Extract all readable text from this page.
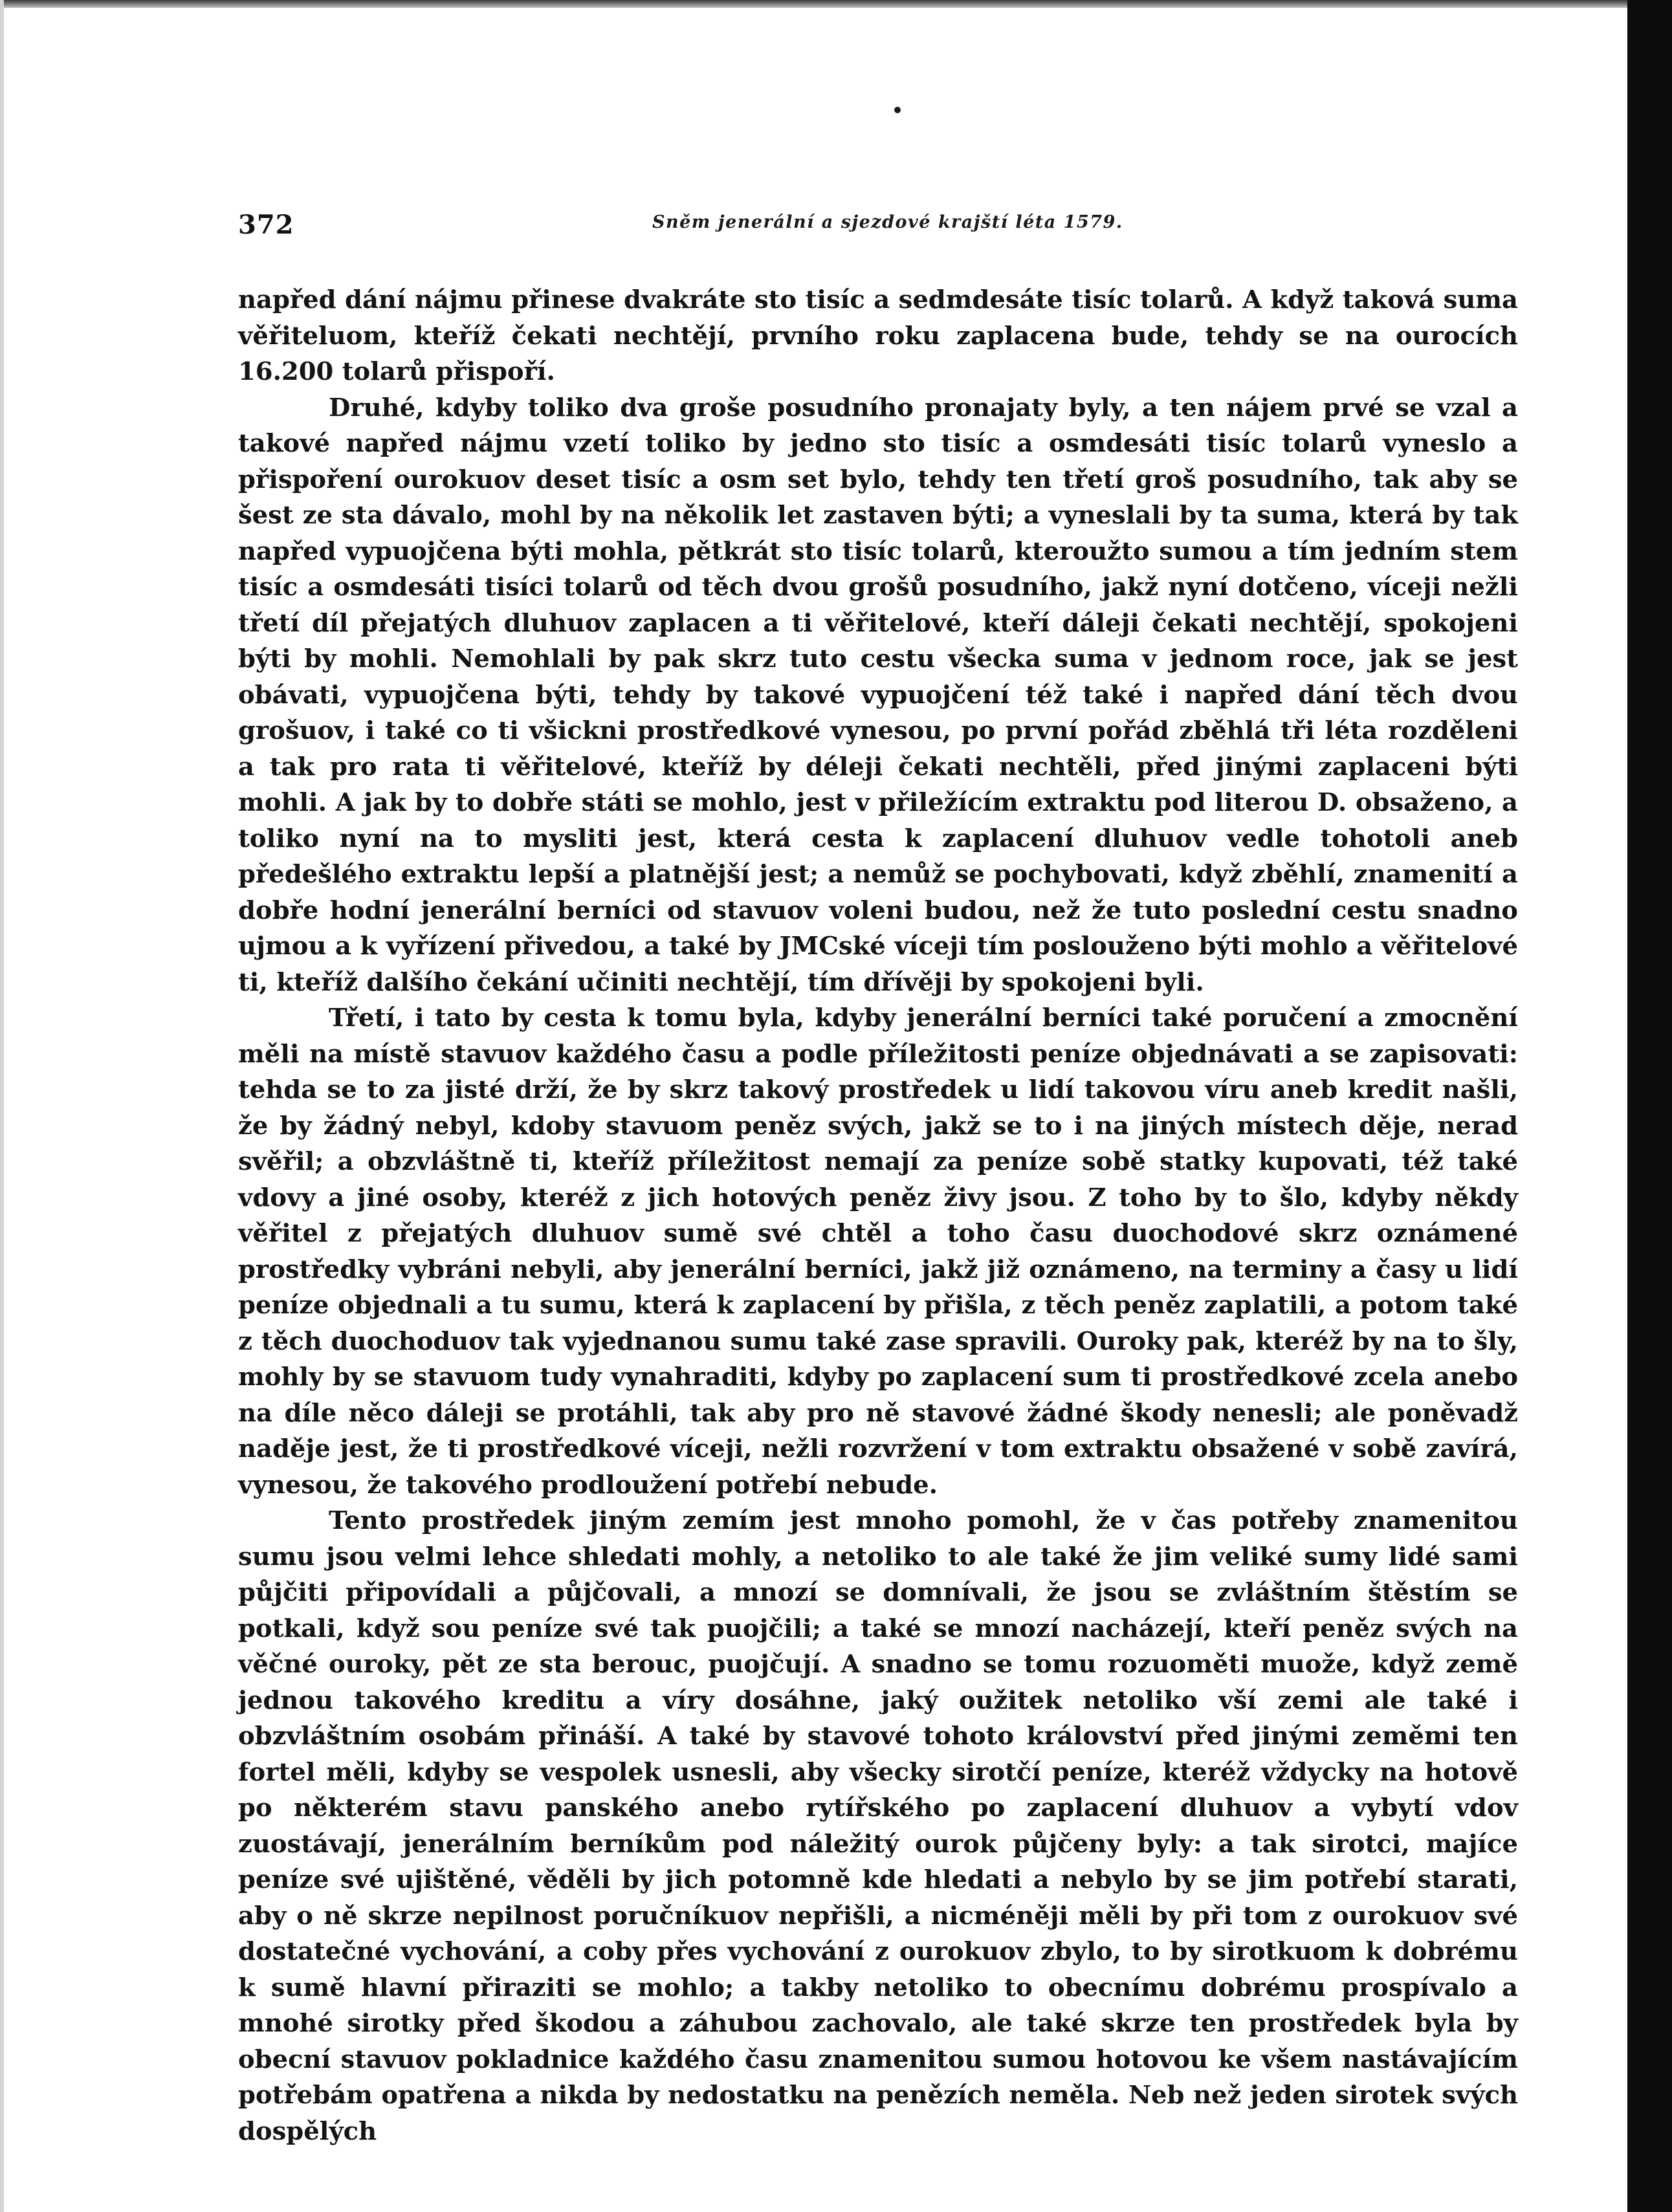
372	Sněm jenerální a sjezdové krajští léta 1579.

napřed dání nájmu přinese dvakráte sto tisíc a sedmdesáte tisíc tolarů. A když taková suma věřiteluom, kteříž čekati nechtějí, prvního roku zaplacena bude, tehdy se na ourocích 16.200 tolarů přispoří.

Druhé, kdyby toliko dva groše posudního pronajaty byly, a ten nájem prvé se vzal a takové napřed nájmu vzetí toliko by jedno sto tisíc a osmdesáti tisíc tolarů vyneslo a přispoření ourokuov deset tisíc a osm set bylo, tehdy ten třetí groš posudního, tak aby se šest ze sta dávalo, mohl by na několik let zastaven býti; a vyneslali by ta suma, která by tak napřed vypuojčena býti mohla, pětkrát sto tisíc tolarů, kteroužto sumou a tím jedním stem tisíc a osmdesáti tisíci tolarů od těch dvou grošů posudního, jakž nyní dotčeno, víceji nežli třetí díl přejatých dluhuov zaplacen a ti věřitelové, kteří dáleji čekati nechtějí, spokojeni býti by mohli. Nemohlali by pak skrz tuto cestu všecka suma v jednom roce, jak se jest obávati, vypuojčena býti, tehdy by takové vypuojčení též také i napřed dání těch dvou grošuov, i také co ti všickni prostředkové vynesou, po první pořád zběhlá tři léta rozděleni a tak pro rata ti věřitelové, kteříž by déleji čekati nechtěli, před jinými zaplaceni býti mohli. A jak by to dobře státi se mohlo, jest v přiležícím extraktu pod literou D. obsaženo, a toliko nyní na to mysliti jest, která cesta k zaplacení dluhuov vedle tohotoli aneb předešlého extraktu lepší a platnější jest; a nemůž se pochybovati, když zběhlí, znamenití a dobře hodní jenerální berníci od stavuov voleni budou, než že tuto poslední cestu snadno ujmou a k vyřízení přivedou, a také by JMCské víceji tím poslouženo býti mohlo a věřitelové ti, kteříž dalšího čekání učiniti nechtějí, tím dřívěji by spokojeni byli.

Třetí, i tato by cesta k tomu byla, kdyby jenerální berníci také poručení a zmocnění měli na místě stavuov každého času a podle příležitosti peníze objednávati a se zapisovati: tehda se to za jisté drží, že by skrz takový prostředek u lidí takovou víru aneb kredit našli, že by žádný nebyl, kdoby stavuom peněz svých, jakž se to i na jiných místech děje, nerad svěřil; a obzvláštně ti, kteříž příležitost nemají za peníze sobě statky kupovati, též také vdovy a jiné osoby, kteréž z jich hotových peněz živy jsou. Z toho by to šlo, kdyby někdy věřitel z přejatých dluhuov sumě své chtěl a toho času duochodové skrz oznámené prostředky vybráni nebyli, aby jenerální berníci, jakž již oznámeno, na terminy a časy u lidí peníze objednali a tu sumu, která k zaplacení by přišla, z těch peněz zaplatili, a potom také z těch duochoduov tak vyjednanou sumu také zase spravili. Ouroky pak, kteréž by na to šly, mohly by se stavuom tudy vynahraditi, kdyby po zaplacení sum ti prostředkové zcela anebo na díle něco dáleji se protáhli, tak aby pro ně stavové žádné škody nenesli; ale poněvadž naděje jest, že ti prostředkové víceji, nežli rozvržení v tom extraktu obsažené v sobě zavírá, vynesou, že takového prodloužení potřebí nebude.

Tento prostředek jiným zemím jest mnoho pomohl, že v čas potřeby znamenitou sumu jsou velmi lehce shledati mohly, a netoliko to ale také že jim veliké sumy lidé sami půjčiti připovídali a půjčovali, a mnozí se domnívali, že jsou se zvláštním štěstím se potkali, když sou peníze své tak puojčili; a také se mnozí nacházejí, kteří peněz svých na věčné ouroky, pět ze sta berouc, puojčují. A snadno se tomu rozuoměti muože, když země jednou takového kreditu a víry dosáhne, jaký oužitek netoliko vší zemi ale také i obzvláštním osobám přináší. A také by stavové tohoto království před jinými zeměmi ten fortel měli, kdyby se vespolek usnesli, aby všecky sirotčí peníze, kteréž vždycky na hotově po některém stavu panského anebo rytířského po zaplacení dluhuov a vybytí vdov zuostávají, jenerálním berníkům pod náležitý ourok půjčeny byly: a tak sirotci, majíce peníze své ujištěné, věděli by jich potomně kde hledati a nebylo by se jim potřebí starati, aby o ně skrze nepilnost poručníkuov nepřišli, a nicméněji měli by při tom z ourokuov své dostatečné vychování, a coby přes vychování z ourokuov zbylo, to by sirotkuom k dobrému k sumě hlavní přiraziti se mohlo; a takby netoliko to obecnímu dobrému prospívalo a mnohé sirotky před škodou a záhubou zachovalo, ale také skrze ten prostředek byla by obecní stavuov pokladnice každého času znamenitou sumou hotovou ke všem nastávajícím potřebám opatřena a nikda by nedostatku na penězích neměla. Neb než jeden sirotek svých dospělých
